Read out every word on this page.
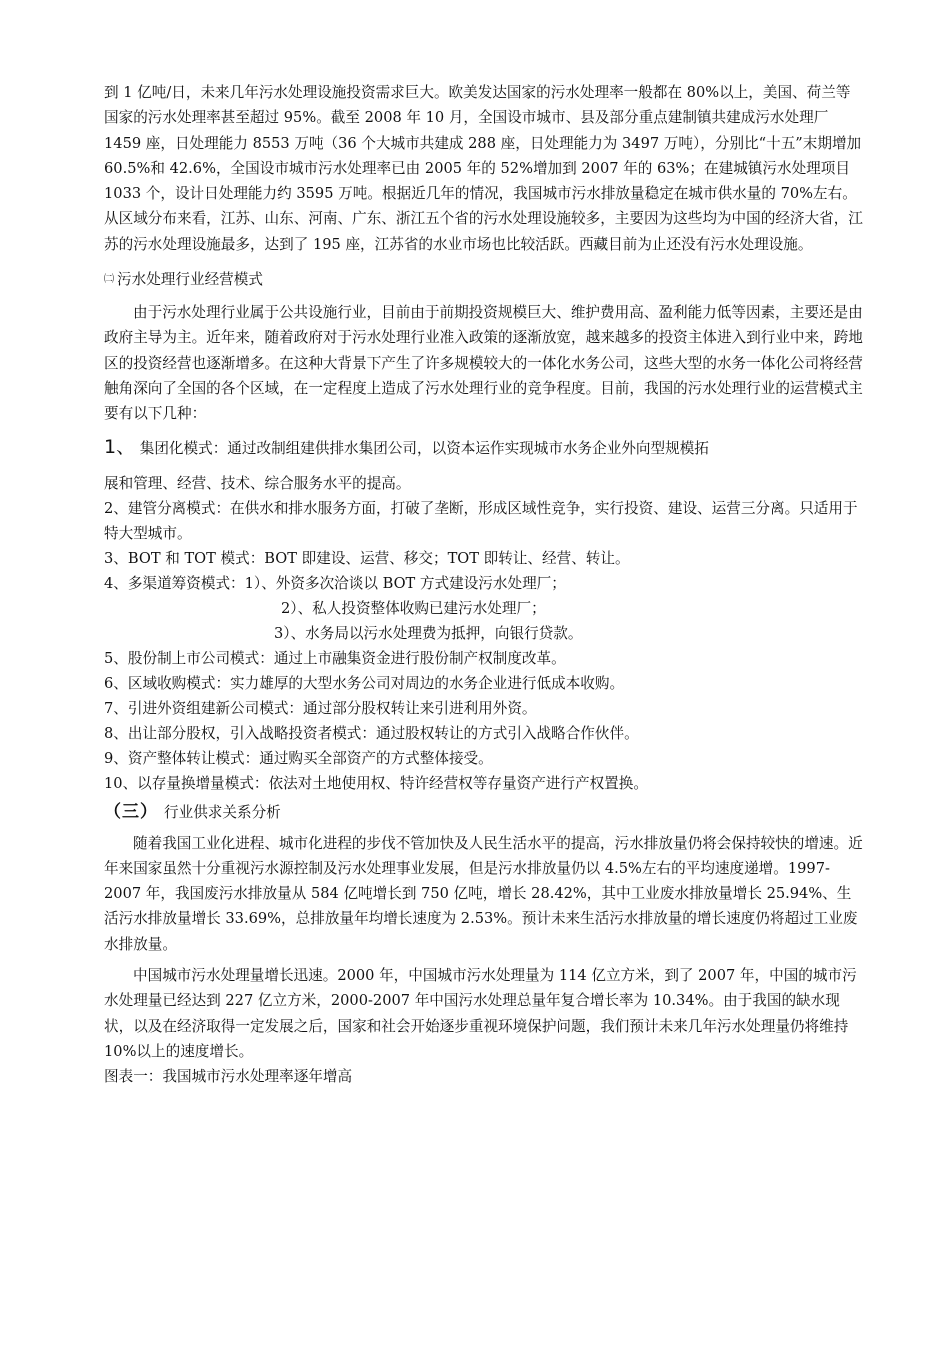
到 1 亿吨/日，未来几年污水处理设施投资需求巨大。欧美发达国家的污水处理率一般都在 80%以上，美国、荷兰等国家的污水处理率甚至超过 95%。截至 2008 年 10 月，全国设市城市、县及部分重点建制镇共建成污水处理厂 1459 座，日处理能力 8553 万吨（36 个大城市共建成 288 座，日处理能力为 3497 万吨），分别比“十五”末期增加 60.5%和 42.6%，全国设市城市污水处理率已由 2005 年的 52%增加到 2007 年的 63%；在建城镇污水处理项目 1033 个，设计日处理能力约 3595 万吨。根据近几年的情况，我国城市污水排放量稳定在城市供水量的 70%左右。从区域分布来看，江苏、山东、河南、广东、浙江五个省的污水处理设施较多，主要因为这些均为中国的经济大省，江苏的污水处理设施最多，达到了 195 座，江苏省的水业市场也比较活跃。西藏目前为止还没有污水处理设施。

㈡ 污水处理行业经营模式

由于污水处理行业属于公共设施行业，目前由于前期投资规模巨大、维护费用高、盈利能力低等因素，主要还是由政府主导为主。近年来，随着政府对于污水处理行业准入政策的逐渐放宽，越来越多的投资主体进入到行业中来，跨地区的投资经营也逐渐增多。在这种大背景下产生了许多规模较大的一体化水务公司，这些大型的水务一体化公司将经营触角深向了全国的各个区域，在一定程度上造成了污水处理行业的竞争程度。目前，我国的污水处理行业的运营模式主要有以下几种：

1、 集团化模式：通过改制组建供排水集团公司，以资本运作实现城市水务企业外向型规模拓

展和管理、经营、技术、综合服务水平的提高。

2、建管分离模式：在供水和排水服务方面，打破了垄断，形成区域性竞争，实行投资、建设、运营三分离。只适用于特大型城市。

3、BOT 和 TOT 模式：BOT 即建设、运营、移交；TOT 即转让、经营、转让。

4、多渠道筹资模式：1）、外资多次洽谈以 BOT 方式建设污水处理厂；

2）、私人投资整体收购已建污水处理厂；

3）、水务局以污水处理费为抵押，向银行贷款。

5、股份制上市公司模式：通过上市融集资金进行股份制产权制度改革。

6、区域收购模式：实力雄厚的大型水务公司对周边的水务企业进行低成本收购。

7、引进外资组建新公司模式：通过部分股权转让来引进利用外资。

8、出让部分股权，引入战略投资者模式：通过股权转让的方式引入战略合作伙伴。

9、资产整体转让模式：通过购买全部资产的方式整体接受。

10、以存量换增量模式：依法对土地使用权、特许经营权等存量资产进行产权置换。

（三） 行业供求关系分析

随着我国工业化进程、城市化进程的步伐不管加快及人民生活水平的提高，污水排放量仍将会保持较快的增速。近年来国家虽然十分重视污水源控制及污水处理事业发展，但是污水排放量仍以 4.5%左右的平均速度递增。1997-2007 年，我国废污水排放量从 584 亿吨增长到 750 亿吨，增长 28.42%，其中工业废水排放量增长 25.94%、生活污水排放量增长 33.69%，总排放量年均增长速度为 2.53%。预计未来生活污水排放量的增长速度仍将超过工业废水排放量。

中国城市污水处理量增长迅速。2000 年，中国城市污水处理量为 114 亿立方米，到了 2007 年，中国的城市污水处理量已经达到 227 亿立方米，2000-2007 年中国污水处理总量年复合增长率为 10.34%。由于我国的缺水现状，以及在经济取得一定发展之后，国家和社会开始逐步重视环境保护问题，我们预计未来几年污水处理量仍将维持 10%以上的速度增长。

图表一：我国城市污水处理率逐年增高
